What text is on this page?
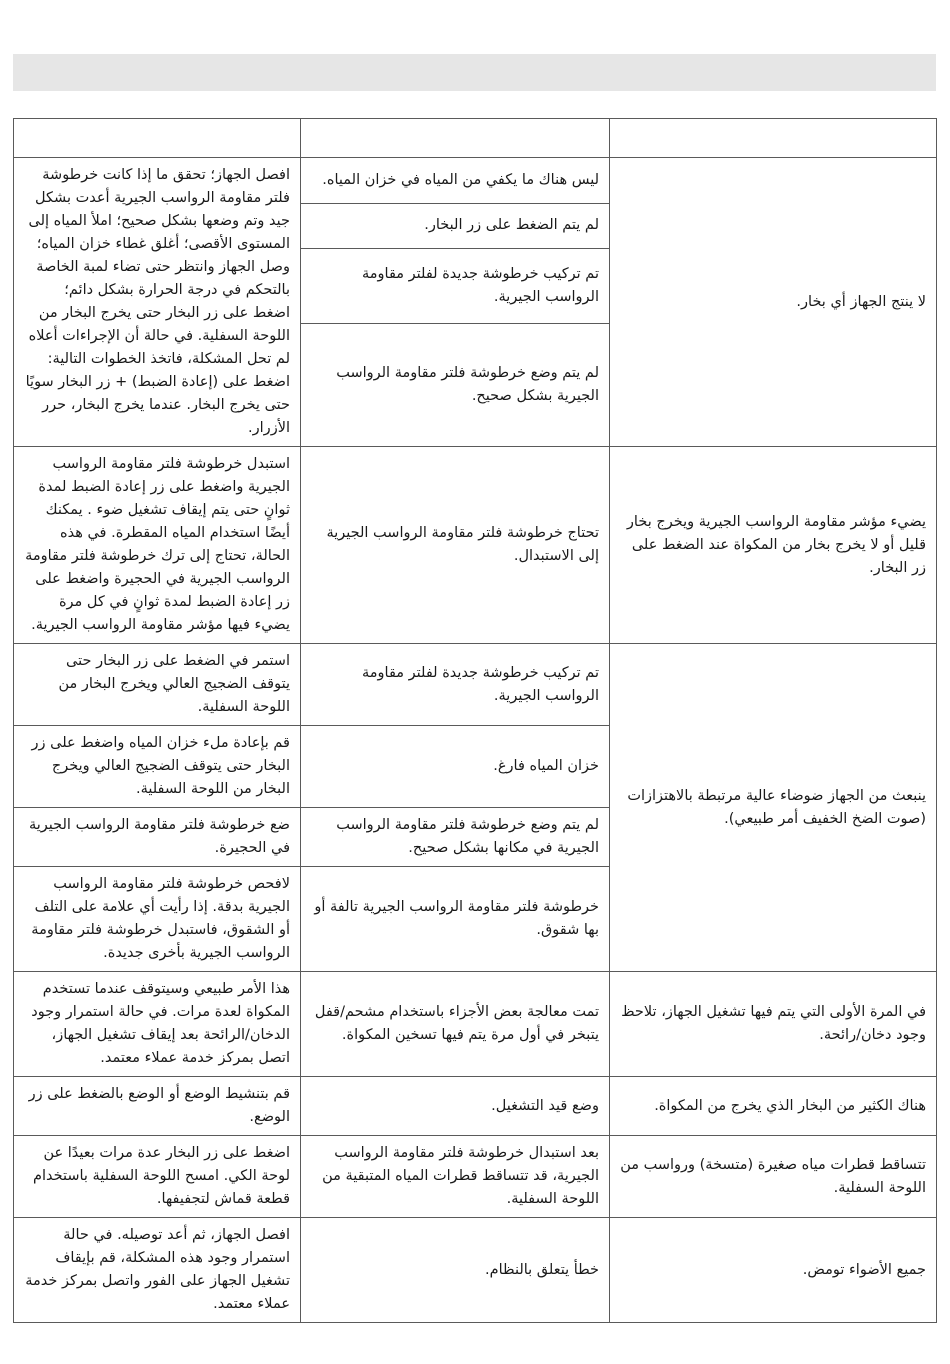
لا ينتج الجهاز أي بخار.	ليس هناك ما يكفي من المياه في خزان المياه.	افصل الجهاز؛ تحقق ما إذا كانت خرطوشة فلتر مقاومة الرواسب الجيرية أعدت بشكل جيد وتم وضعها بشكل صحيح؛ املأ المياه إلى المستوى الأقصى؛ أغلق غطاء خزان المياه؛ وصل الجهاز وانتظر حتى تضاء لمبة الخاصة بالتحكم في درجة الحرارة بشكل دائم؛ اضغط على زر البخار حتى يخرج البخار من اللوحة السفلية. في حالة أن الإجراءات أعلاه لم تحل المشكلة، فاتخذ الخطوات التالية: اضغط على (إعادة الضبط) + زر البخار سويًا حتى يخرج البخار. عندما يخرج البخار، حرر الأزرار.
	لم يتم الضغط على زر البخار.	
	تم تركيب خرطوشة جديدة لفلتر مقاومة الرواسب الجيرية.	
	لم يتم وضع خرطوشة فلتر مقاومة الرواسب الجيرية بشكل صحيح.	
يضيء مؤشر مقاومة الرواسب الجيرية ويخرج بخار قليل أو لا يخرج بخار من المكواة عند الضغط على زر البخار.	تحتاج خرطوشة فلتر مقاومة الرواسب الجيرية إلى الاستبدال.	استبدل خرطوشة فلتر مقاومة الرواسب الجيرية واضغط على زر إعادة الضبط لمدة ثوانٍ حتى يتم إيقاف تشغيل ضوء . يمكنك أيضًا استخدام المياه المقطرة. في هذه الحالة، تحتاج إلى ترك خرطوشة فلتر مقاومة الرواسب الجيرية في الحجيرة واضغط على زر إعادة الضبط لمدة ثوانٍ في كل مرة يضيء فيها مؤشر مقاومة الرواسب الجيرية.
ينبعث من الجهاز ضوضاء عالية مرتبطة بالاهتزازات (صوت الضخ الخفيف أمر طبيعي).	تم تركيب خرطوشة جديدة لفلتر مقاومة الرواسب الجيرية.	استمر في الضغط على زر البخار حتى يتوقف الضجيج العالي ويخرج البخار من اللوحة السفلية.
	خزان المياه فارغ.	قم بإعادة ملء خزان المياه واضغط على زر البخار حتى يتوقف الضجيج العالي ويخرج البخار من اللوحة السفلية.
	لم يتم وضع خرطوشة فلتر مقاومة الرواسب الجيرية في مكانها بشكل صحيح.	ضع خرطوشة فلتر مقاومة الرواسب الجيرية في الحجيرة.
	خرطوشة فلتر مقاومة الرواسب الجيرية تالفة أو بها شقوق.	لافحص خرطوشة فلتر مقاومة الرواسب الجيرية بدقة. إذا رأيت أي علامة على التلف أو الشقوق، فاستبدل خرطوشة فلتر مقاومة الرواسب الجيرية بأخرى جديدة.
في المرة الأولى التي يتم فيها تشغيل الجهاز، تلاحظ وجود دخان/رائحة.	تمت معالجة بعض الأجزاء باستخدام مشحم/قفل يتبخر في أول مرة يتم فيها تسخين المكواة.	هذا الأمر طبيعي وسيتوقف عندما تستخدم المكواة لعدة مرات. في حالة استمرار وجود الدخان/الرائحة بعد إيقاف تشغيل الجهاز، اتصل بمركز خدمة عملاء معتمد.
هناك الكثير من البخار الذي يخرج من المكواة.	وضع قيد التشغيل.	قم بتنشيط الوضع أو الوضع بالضغط على زر الوضع.
تتساقط قطرات مياه صغيرة (متسخة) ورواسب من اللوحة السفلية.	بعد استبدال خرطوشة فلتر مقاومة الرواسب الجيرية، قد تتساقط قطرات المياه المتبقية من اللوحة السفلية.	اضغط على زر البخار عدة مرات بعيدًا عن لوحة الكي. امسح اللوحة السفلية باستخدام قطعة قماش لتجفيفها.
جميع الأضواء تومض.	خطأ يتعلق بالنظام.	افصل الجهاز، ثم أعد توصيله. في حالة استمرار وجود هذه المشكلة، قم بإيقاف تشغيل الجهاز على الفور واتصل بمركز خدمة عملاء معتمد.
